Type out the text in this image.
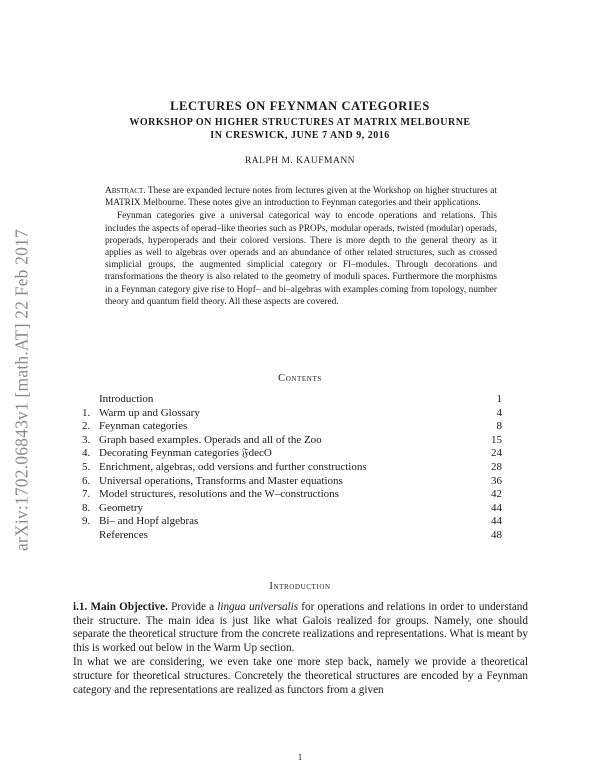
arXiv:1702.06843v1 [math.AT] 22 Feb 2017
LECTURES ON FEYNMAN CATEGORIES
WORKSHOP ON HIGHER STRUCTURES AT MATRIX MELBOURNE
IN CRESWICK, JUNE 7 AND 9, 2016
RALPH M. KAUFMANN

Abstract. These are expanded lecture notes from lectures given at the Workshop on higher structures at MATRIX Melbourne. These notes give an introduction to Feynman categories and their applications.

Feynman categories give a universal categorical way to encode operations and relations. This includes the aspects of operad–like theories such as PROPs, modular operads, twisted (modular) operads, properads, hyperoperads and their colored versions. There is more depth to the general theory as it applies as well to algebras over operads and an abundance of other related structures, such as crossed simplicial groups, the augmented simplicial category or FI–modules. Through decorations and transformations the theory is also related to the geometry of moduli spaces. Furthermore the morphisms in a Feynman category give rise to Hopf– and bi–algebras with examples coming from topology, number theory and quantum field theory. All these aspects are covered.

Contents
Introduction	1
1. Warm up and Glossary	4
2. Feynman categories	8
3. Graph based examples. Operads and all of the Zoo	15
4. Decorating Feynman categories 𝔉decO	24
5. Enrichment, algebras, odd versions and further constructions	28
6. Universal operations, Transforms and Master equations	36
7. Model structures, resolutions and the W–constructions	42
8. Geometry	44
9. Bi– and Hopf algebras	44
References	48
Introduction

i.1. Main Objective. Provide a lingua universalis for operations and relations in order to understand their structure. The main idea is just like what Galois realized for groups. Namely, one should separate the theoretical structure from the concrete realizations and representations. What is meant by this is worked out below in the Warm Up section.

In what we are considering, we even take one more step back, namely we provide a theoretical structure for theoretical structures. Concretely the theoretical structures are encoded by a Feynman category and the representations are realized as functors from a given

1
